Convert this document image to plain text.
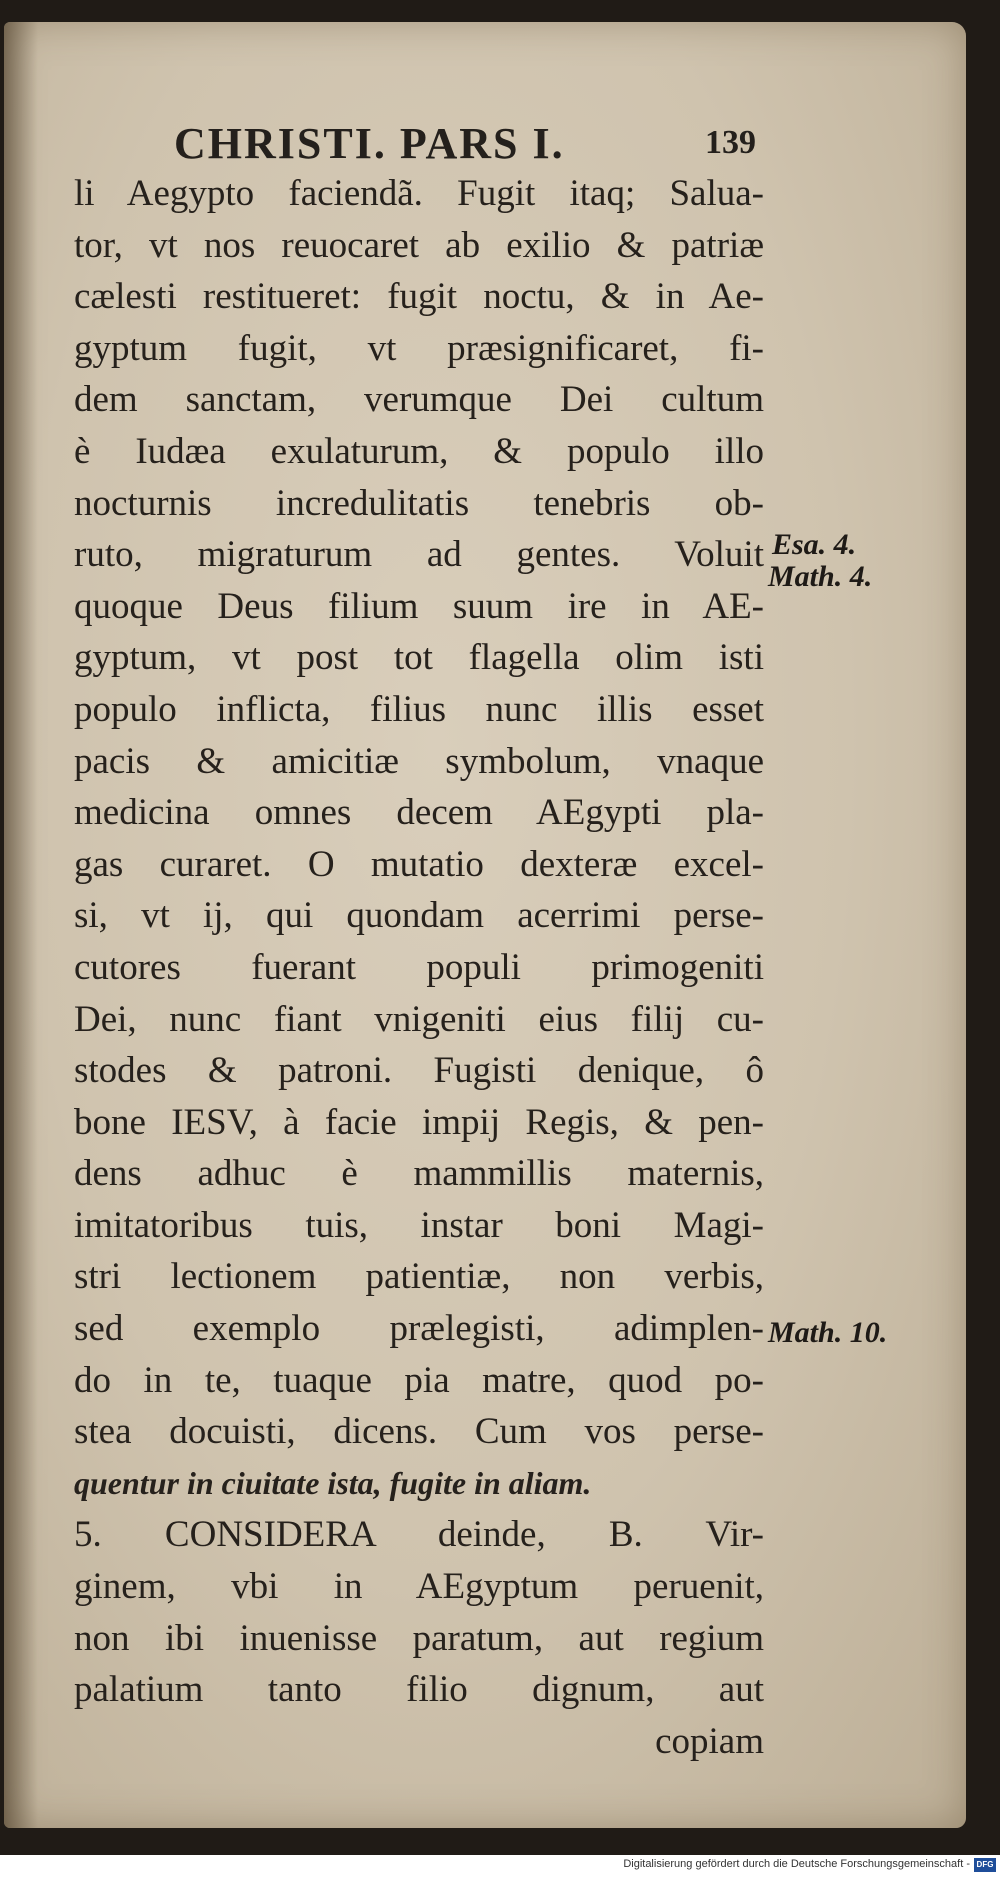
CHRISTI. PARS I.	139
li Aegypto faciendã. Fugit itaq; Salua-
tor, vt nos reuocaret ab exilio & patriæ
cælesti restitueret: fugit noctu, & in Ae-
gyptum fugit, vt præsignificaret, fi-
dem sanctam, verumque Dei cultum
è Iudæa exulaturum, & populo illo
nocturnis incredulitatis tenebris ob-
ruto, migraturum ad gentes. Voluit
quoque Deus filium suum ire in AE-
gyptum, vt post tot flagella olim isti
populo inflicta, filius nunc illis esset
pacis & amicitiæ symbolum, vnaque
medicina omnes decem AEgypti pla-
gas curaret. O mutatio dexteræ excel-
si, vt ij, qui quondam acerrimi perse-
cutores fuerant populi primogeniti
Dei, nunc fiant vnigeniti eius filij cu-
stodes & patroni. Fugisti denique, ô
bone IESV, à facie impij Regis, & pen-
dens adhuc è mammillis maternis,
imitatoribus tuis, instar boni Magi-
stri lectionem patientiæ, non verbis,
sed exemplo prælegisti, adimplen-
do in te, tuaque pia matre, quod po-
stea docuisti, dicens. Cum vos perse-
quentur in ciuitate ista, fugite in aliam.
5. CONSIDERA deinde, B. Vir-
ginem, vbi in AEgyptum peruenit,
non ibi inuenisse paratum, aut regium
palatium tanto filio dignum, aut
copiam
Esa. 4.
Math. 4.
Math. 10.
Digitalisierung gefördert durch die Deutsche Forschungsgemeinschaft - DFG
